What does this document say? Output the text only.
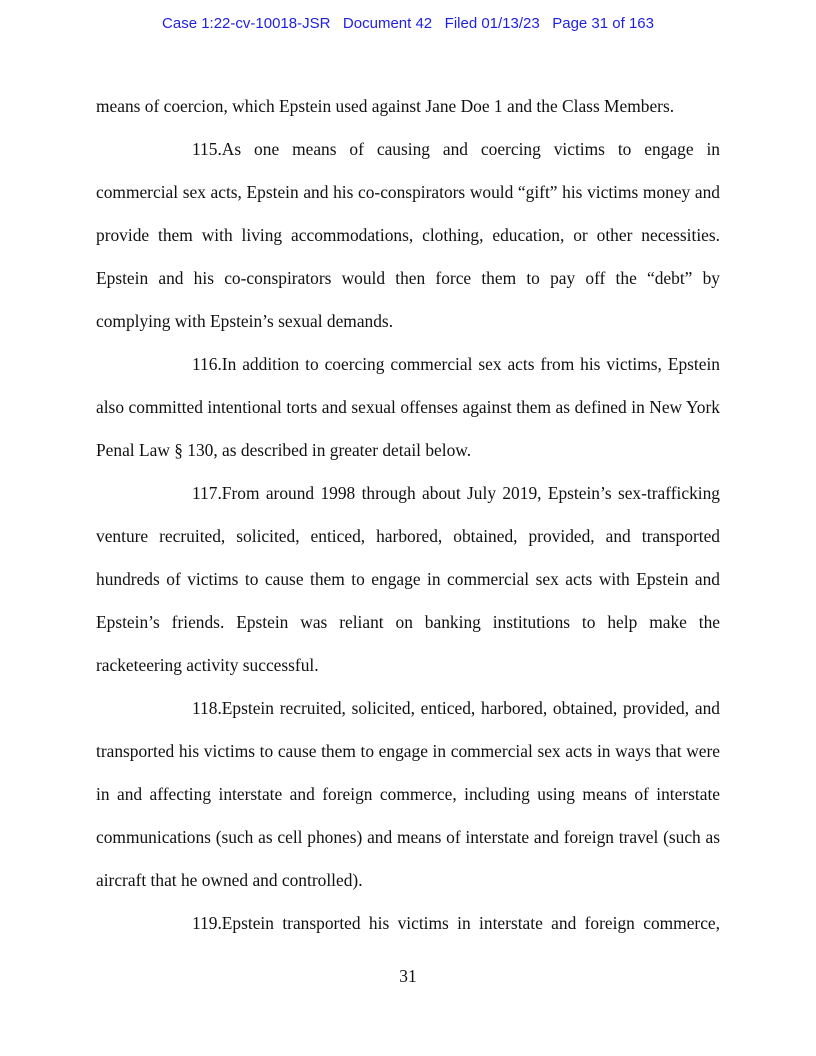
Case 1:22-cv-10018-JSR   Document 42   Filed 01/13/23   Page 31 of 163

means of coercion, which Epstein used against Jane Doe 1 and the Class Members.

115.As one means of causing and coercing victims to engage in commercial sex acts, Epstein and his co-conspirators would “gift” his victims money and provide them with living accommodations, clothing, education, or other necessities. Epstein and his co-conspirators would then force them to pay off the “debt” by complying with Epstein’s sexual demands.

116.In addition to coercing commercial sex acts from his victims, Epstein also committed intentional torts and sexual offenses against them as defined in New York Penal Law § 130, as described in greater detail below.

117.From around 1998 through about July 2019, Epstein’s sex-trafficking venture recruited, solicited, enticed, harbored, obtained, provided, and transported hundreds of victims to cause them to engage in commercial sex acts with Epstein and Epstein’s friends. Epstein was reliant on banking institutions to help make the racketeering activity successful.

118.Epstein recruited, solicited, enticed, harbored, obtained, provided, and transported his victims to cause them to engage in commercial sex acts in ways that were in and affecting interstate and foreign commerce, including using means of interstate communications (such as cell phones) and means of interstate and foreign travel (such as aircraft that he owned and controlled).

119.Epstein transported his victims in interstate and foreign commerce,

31
